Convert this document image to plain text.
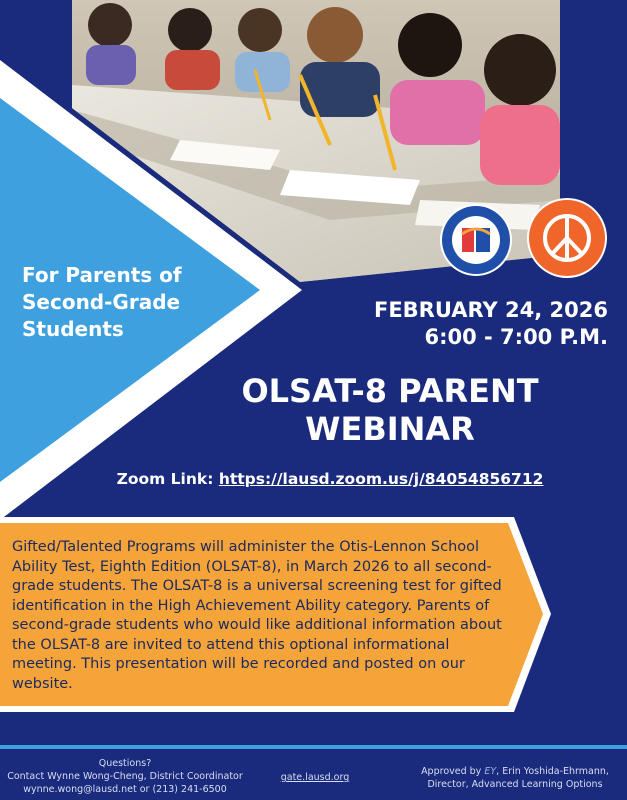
For Parents of
Second-Grade
Students
FEBRUARY 24, 2026
6:00 - 7:00 P.M.
OLSAT-8 PARENT
WEBINAR
Zoom Link: https://lausd.zoom.us/j/84054856712
Gifted/Talented Programs will administer the Otis-Lennon School Ability Test, Eighth Edition (OLSAT-8), in March 2026 to all second-grade students. The OLSAT-8 is a universal screening test for gifted identification in the High Achievement Ability category. Parents of second-grade students who would like additional information about the OLSAT-8 are invited to attend this optional informational meeting. This presentation will be recorded and posted on our website.
Questions?
Contact Wynne Wong-Cheng, District Coordinator
wynne.wong@lausd.net or (213) 241-6500
gate.lausd.org
Approved by EY, Erin Yoshida-Ehrmann,
Director, Advanced Learning Options
